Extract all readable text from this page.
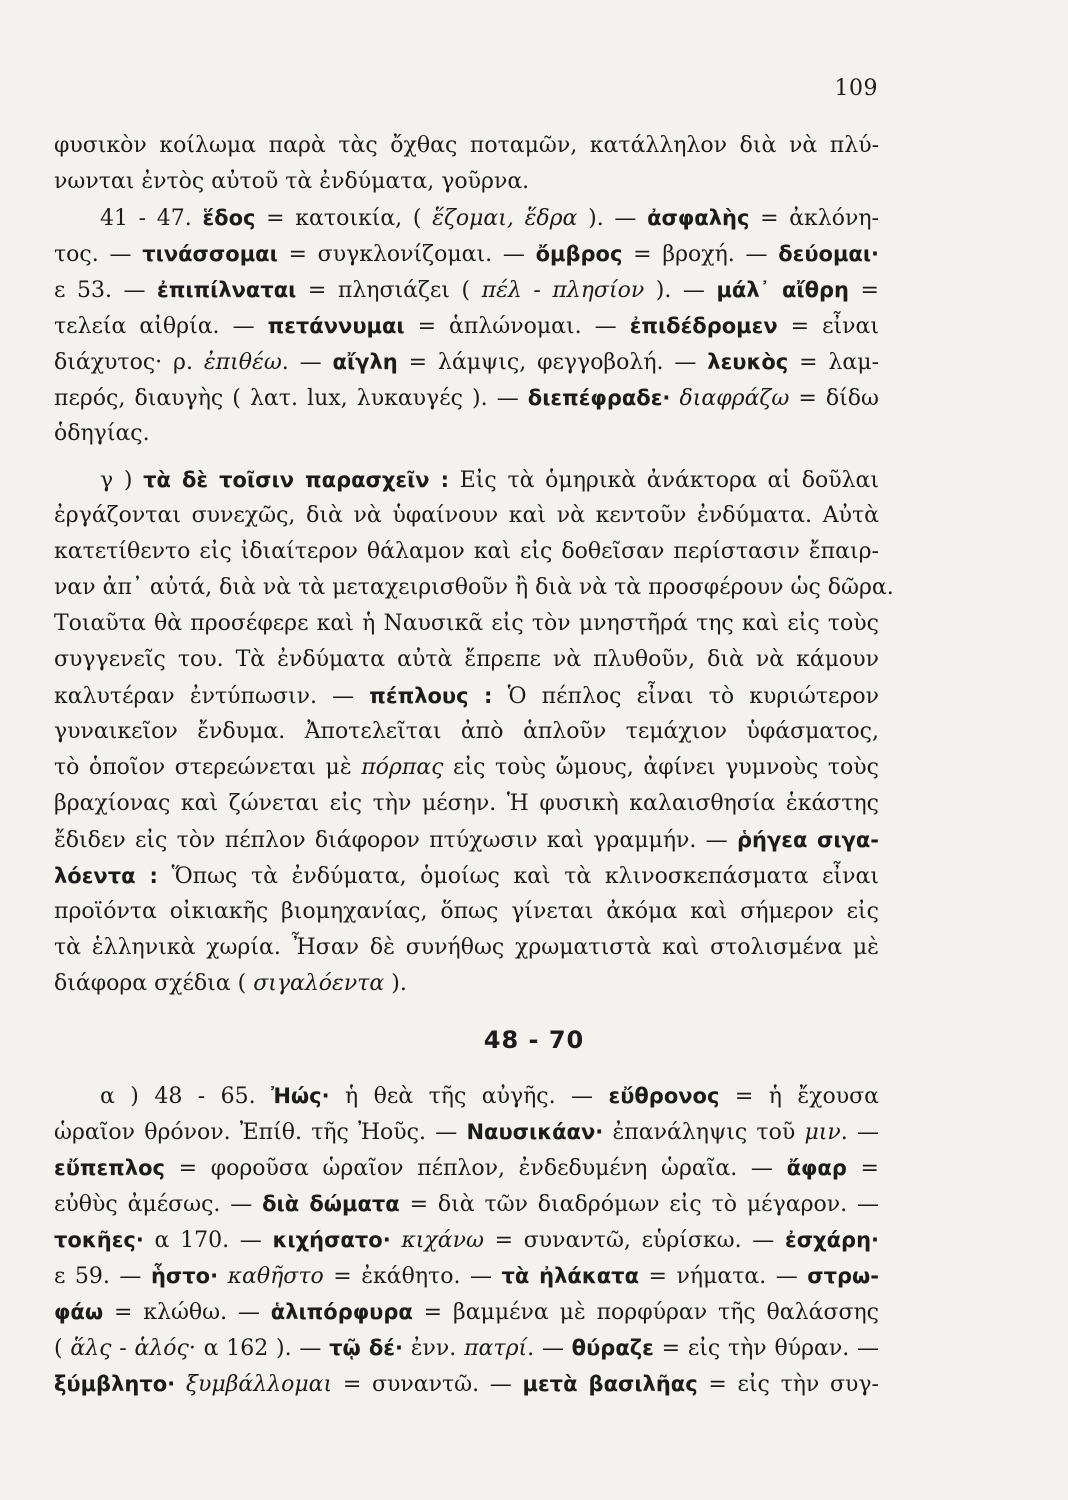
109
φυσικὸν κοίλωμα παρὰ τὰς ὄχθας ποταμῶν, κατάλληλον διὰ νὰ πλύ-
νωνται ἐντὸς αὐτοῦ τὰ ἐνδύματα, γοῦρνα.
41 - 47. ἕδος = κατοικία, ( ἕζομαι, ἕδρα ). — ἀσφαλὴς = ἀκλόνη-
τος. — τινάσσομαι = συγκλονίζομαι. — ὄμβρος = βροχή. — δεύομαι·
ε 53. — ἐπιπίλναται = πλησιάζει ( πέλ - πλησίον ). — μάλ᾽ αἴθρη =
τελεία αἰθρία. — πετάννυμαι = ἁπλώνομαι. — ἐπιδέδρομεν = εἶναι
διάχυτος· ρ. ἐπιθέω. — αἴγλη = λάμψις, φεγγοβολή. — λευκὸς = λαμ-
περός, διαυγὴς ( λατ. lux, λυκαυγές ). — διεπέφραδε· διαφράζω = δίδω
ὁδηγίας.
γ ) τὰ δὲ τοῖσιν παρασχεῖν : Εἰς τὰ ὁμηρικὰ ἀνάκτορα αἱ δοῦλαι
ἐργάζονται συνεχῶς, διὰ νὰ ὑφαίνουν καὶ νὰ κεντοῦν ἐνδύματα. Αὐτὰ
κατετίθεντο εἰς ἰδιαίτερον θάλαμον καὶ εἰς δοθεῖσαν περίστασιν ἔπαιρ-
ναν ἀπ᾽ αὐτά, διὰ νὰ τὰ μεταχειρισθοῦν ἢ διὰ νὰ τὰ προσφέρουν ὡς δῶρα.
Τοιαῦτα θὰ προσέφερε καὶ ἡ Ναυσικᾶ εἰς τὸν μνηστῆρά της καὶ εἰς τοὺς
συγγενεῖς του. Τὰ ἐνδύματα αὐτὰ ἔπρεπε νὰ πλυθοῦν, διὰ νὰ κάμουν
καλυτέραν ἐντύπωσιν. — πέπλους : Ὁ πέπλος εἶναι τὸ κυριώτερον
γυναικεῖον ἔνδυμα. Ἀποτελεῖται ἀπὸ ἁπλοῦν τεμάχιον ὑφάσματος,
τὸ ὁποῖον στερεώνεται μὲ πόρπας εἰς τοὺς ὤμους, ἀφίνει γυμνοὺς τοὺς
βραχίονας καὶ ζώνεται εἰς τὴν μέσην. Ἡ φυσικὴ καλαισθησία ἑκάστης
ἔδιδεν εἰς τὸν πέπλον διάφορον πτύχωσιν καὶ γραμμήν. — ῥήγεα σιγα-
λόεντα : Ὅπως τὰ ἐνδύματα, ὁμοίως καὶ τὰ κλινοσκεπάσματα εἶναι
προϊόντα οἰκιακῆς βιομηχανίας, ὅπως γίνεται ἀκόμα καὶ σήμερον εἰς
τὰ ἑλληνικὰ χωρία. Ἦσαν δὲ συνήθως χρωματιστὰ καὶ στολισμένα μὲ
διάφορα σχέδια ( σιγαλόεντα ).
48 - 70
α ) 48 - 65. Ἠώς· ἡ θεὰ τῆς αὐγῆς. — εὔθρονος = ἡ ἔχουσα
ὡραῖον θρόνον. Ἐπίθ. τῆς Ἠοῦς. — Ναυσικάαν· ἐπανάληψις τοῦ μιν. —
εὔπεπλος = φοροῦσα ὡραῖον πέπλον, ἐνδεδυμένη ὡραῖα. — ἄφαρ =
εὐθὺς ἀμέσως. — διὰ δώματα = διὰ τῶν διαδρόμων εἰς τὸ μέγαρον. —
τοκῆες· α 170. — κιχήσατο· κιχάνω = συναντῶ, εὑρίσκω. — ἐσχάρη·
ε 59. — ἧστο· καθῆστο = ἐκάθητο. — τὰ ἠλάκατα = νήματα. — στρω-
φάω = κλώθω. — ἁλιπόρφυρα = βαμμένα μὲ πορφύραν τῆς θαλάσσης
( ἅλς - ἁλός· α 162 ). — τῷ δέ· ἐνν. πατρί. — θύραζε = εἰς τὴν θύραν. —
ξύμβλητο· ξυμβάλλομαι = συναντῶ. — μετὰ βασιλῆας = εἰς τὴν συγ-
